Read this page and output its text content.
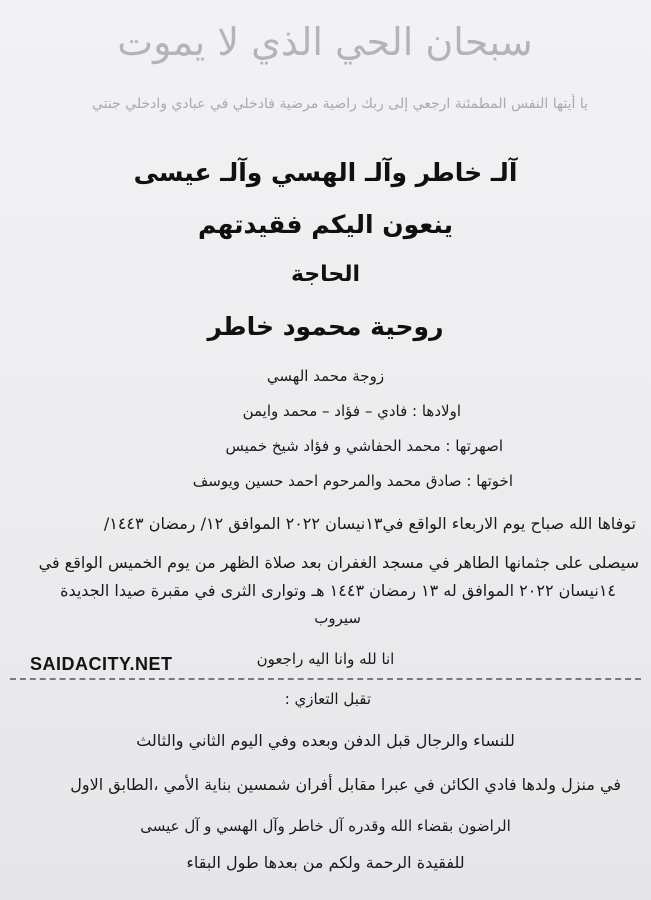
سبحان الحي الذي لا يموت
يا أيتها النفس المطمئنة ارجعي إلى ربك راضية مرضية فادخلي في عبادي وادخلي جنتي
آلـ خاطر وآلـ الهسي وآلـ عيسى
ينعون اليكم فقيدتهم
الحاجة
روحية محمود خاطر
زوجة محمد الهسي
اولادها : فادي – فؤاد – محمد وايمن
اصهرتها : محمد الحفاشي و فؤاد شيخ خميس
اخوتها : صادق محمد والمرحوم احمد حسين ويوسف
توفاها الله صباح يوم الاربعاء الواقع في١٣نيسان ٢٠٢٢ الموافق ١٢/ رمضان ١٤٤٣/
سيصلى على جثمانها الطاهر في مسجد الغفران بعد صلاة الظهر من يوم الخميس الواقع في
١٤نيسان ٢٠٢٢ الموافق له ١٣ رمضان ١٤٤٣ هـ وتوارى الثرى في مقبرة صيدا الجديدة
سيروب
SAIDACITY.NET	انا لله وانا اليه راجعون
تقبل التعازي :
للنساء والرجال قبل الدفن وبعده وفي اليوم الثاني والثالث
في منزل ولدها فادي الكائن في عبرا مقابل أفران شمسين بناية الأمي ،الطابق الاول
الراضون بقضاء الله وقدره آل خاطر وآل الهسي و آل عيسى
للفقيدة الرحمة ولكم من بعدها طول البقاء
